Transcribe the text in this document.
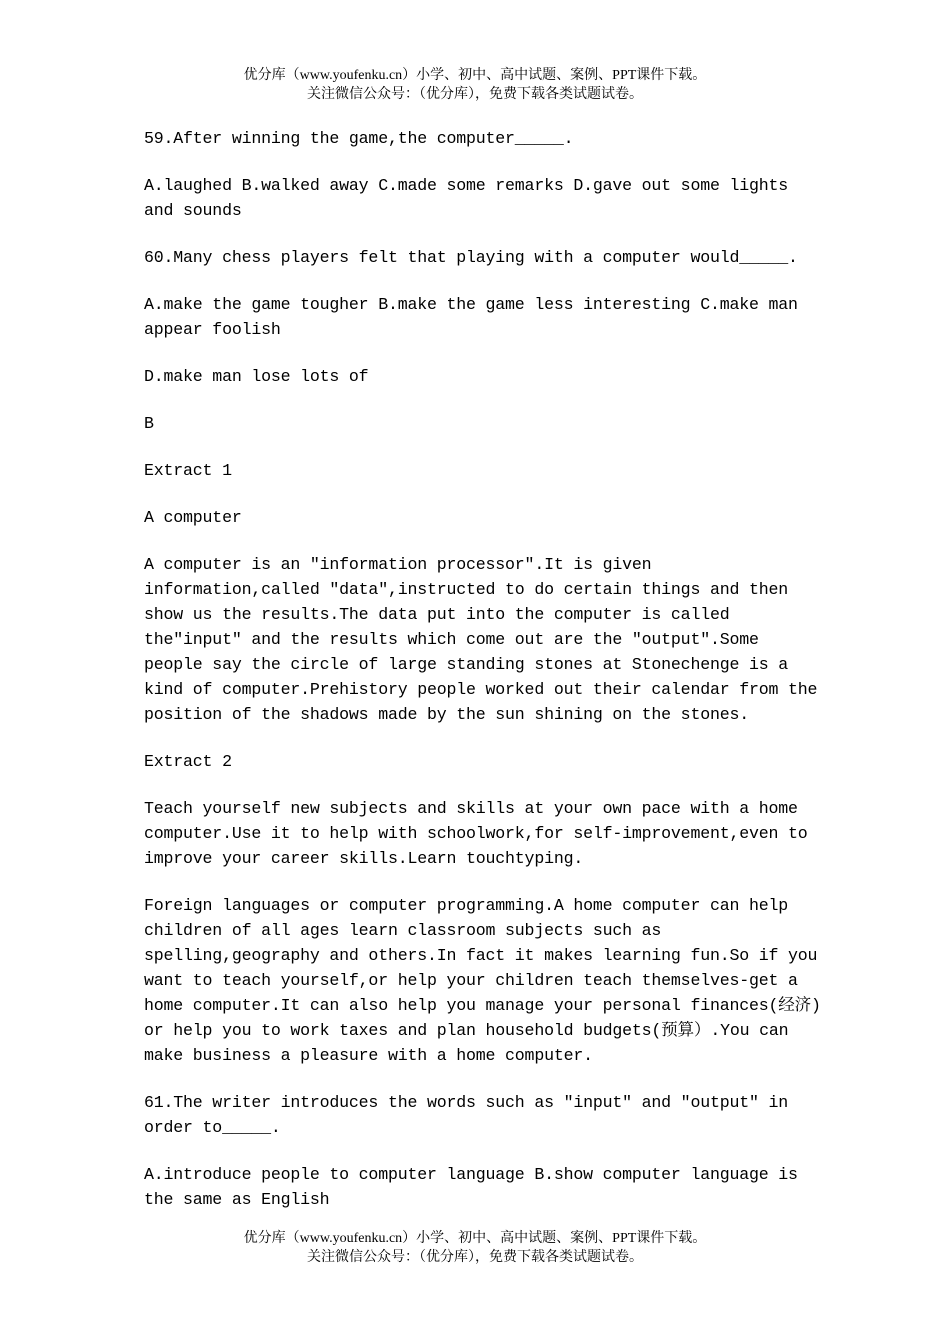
优分库（www.youfenku.cn）小学、初中、高中试题、案例、PPT课件下载。
关注微信公众号：（优分库），免费下载各类试题试卷。

59.After winning the game,the computer_____.

A.laughed B.walked away C.made some remarks D.gave out some lights and sounds

60.Many chess players felt that playing with a computer would_____.

A.make the game tougher B.make the game less interesting C.make man appear foolish

D.make man lose lots of

B

Extract 1

A computer

A computer is an "information processor".It is given information,called "data",instructed to do certain things and then show us the results.The data put into the computer is called the"input" and the results which come out are the "output".Some people say the circle of large standing stones at Stonechenge is a kind of computer.Prehistory people worked out their calendar from the position of the shadows made by the sun shining on the stones.

Extract 2

Teach yourself new subjects and skills at your own pace with a home computer.Use it to help with schoolwork,for self-improvement,even to improve your career skills.Learn touchtyping.

Foreign languages or computer programming.A home computer can help children of all ages learn classroom subjects such as spelling,geography and others.In fact it makes learning fun.So if you want to teach yourself,or help your children teach themselves-get a home computer.It can also help you manage your personal finances(经济) or help you to work taxes and plan household budgets(预算）.You can make business a pleasure with a home computer.

61.The writer introduces the words such as "input" and "output" in order to_____.

A.introduce people to computer language B.show computer language is the same as English

优分库（www.youfenku.cn）小学、初中、高中试题、案例、PPT课件下载。
关注微信公众号：（优分库），免费下载各类试题试卷。
